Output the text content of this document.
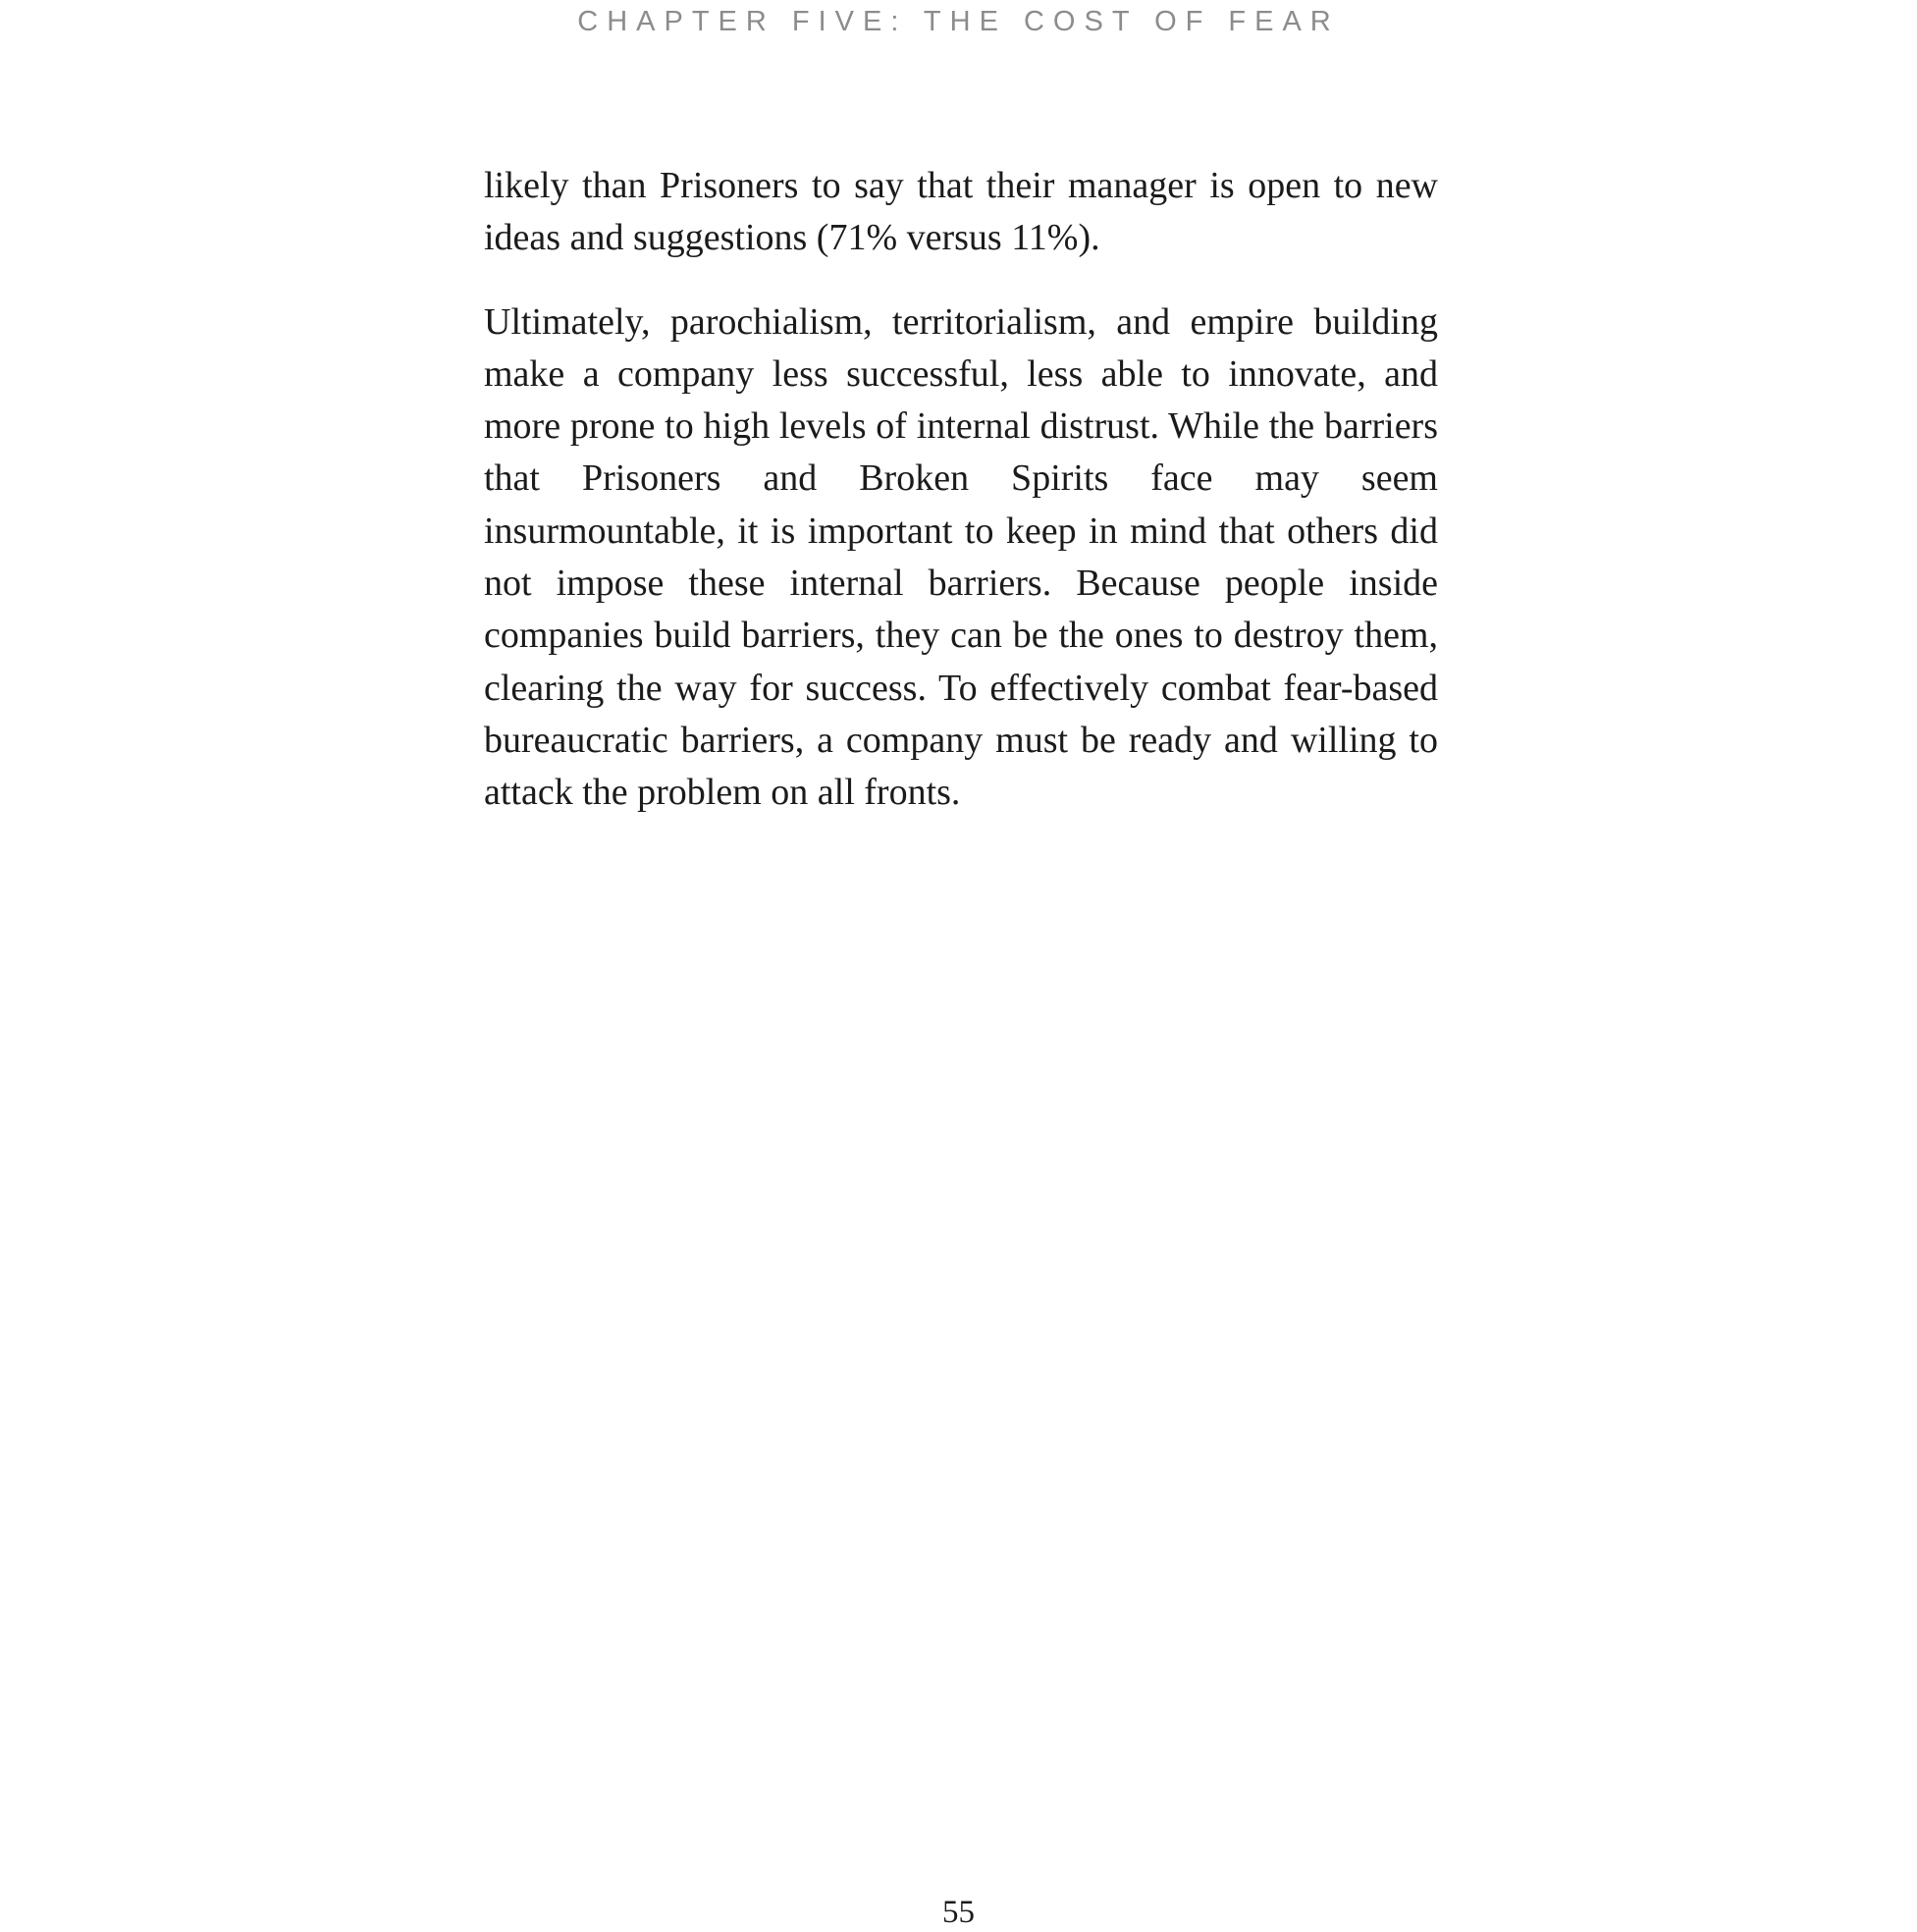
CHAPTER FIVE: THE COST OF FEAR

likely than Prisoners to say that their manager is open to new ideas and suggestions (71% versus 11%).

Ultimately, parochialism, territorialism, and empire building make a company less successful, less able to innovate, and more prone to high levels of internal distrust. While the barriers that Prisoners and Broken Spirits face may seem insurmountable, it is important to keep in mind that others did not impose these internal barriers. Because people inside companies build barriers, they can be the ones to destroy them, clearing the way for success. To effectively combat fear-based bureaucratic barriers, a company must be ready and willing to attack the problem on all fronts.

55
